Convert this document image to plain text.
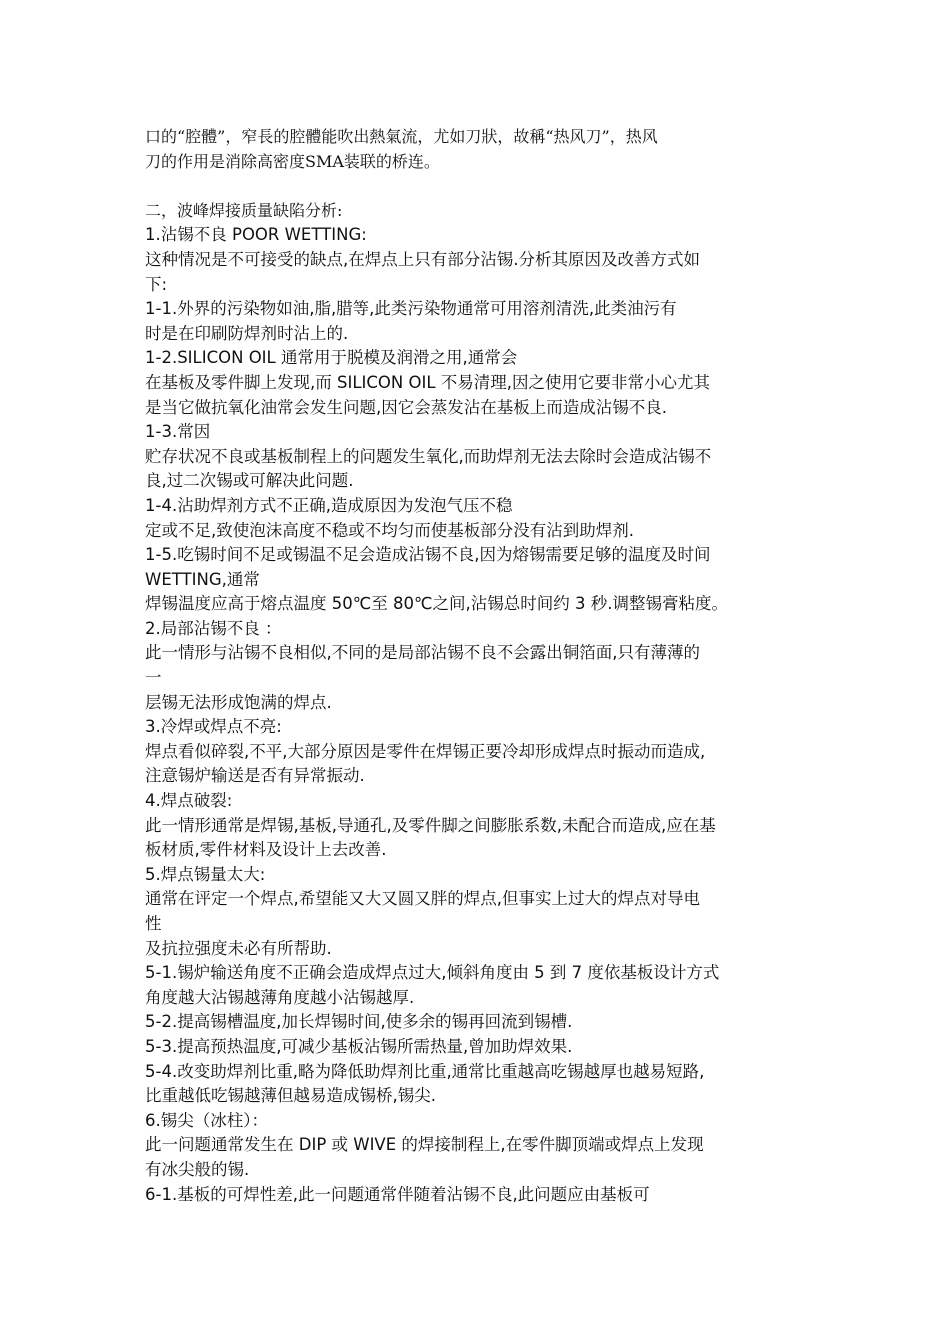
口的“腔體”，窄長的腔體能吹出熱氣流，尤如刀狀，故稱“热风刀”，热风
刀的作用是消除高密度SMA装联的桥连。
二，波峰焊接质量缺陷分析:
1.沾锡不良 POOR WETTING:
这种情况是不可接受的缺点,在焊点上只有部分沾锡.分析其原因及改善方式如
下:
1-1.外界的污染物如油,脂,腊等,此类污染物通常可用溶剂清洗,此类油污有
时是在印刷防焊剂时沾上的.
1-2.SILICON OIL 通常用于脱模及润滑之用,通常会
在基板及零件脚上发现,而 SILICON OIL 不易清理,因之使用它要非常小心尤其
是当它做抗氧化油常会发生问题,因它会蒸发沾在基板上而造成沾锡不良.
1-3.常因
贮存状况不良或基板制程上的问题发生氧化,而助焊剂无法去除时会造成沾锡不
良,过二次锡或可解决此问题.
1-4.沾助焊剂方式不正确,造成原因为发泡气压不稳
定或不足,致使泡沫高度不稳或不均匀而使基板部分没有沾到助焊剂.
1-5.吃锡时间不足或锡温不足会造成沾锡不良,因为熔锡需要足够的温度及时间
WETTING,通常
焊锡温度应高于熔点温度 50℃至 80℃之间,沾锡总时间约 3 秒.调整锡膏粘度。
2.局部沾锡不良 ：
此一情形与沾锡不良相似,不同的是局部沾锡不良不会露出铜箔面,只有薄薄的
一
层锡无法形成饱满的焊点.
3.冷焊或焊点不亮:
焊点看似碎裂,不平,大部分原因是零件在焊锡正要冷却形成焊点时振动而造成,
注意锡炉输送是否有异常振动.
4.焊点破裂:
此一情形通常是焊锡,基板,导通孔,及零件脚之间膨胀系数,未配合而造成,应在基
板材质,零件材料及设计上去改善.
5.焊点锡量太大:
通常在评定一个焊点,希望能又大又圆又胖的焊点,但事实上过大的焊点对导电
性
及抗拉强度未必有所帮助.
5-1.锡炉输送角度不正确会造成焊点过大,倾斜角度由 5 到 7 度依基板设计方式
角度越大沾锡越薄角度越小沾锡越厚.
5-2.提高锡槽温度,加长焊锡时间,使多余的锡再回流到锡槽.
5-3.提高预热温度,可减少基板沾锡所需热量,曾加助焊效果.
5-4.改变助焊剂比重,略为降低助焊剂比重,通常比重越高吃锡越厚也越易短路,
比重越低吃锡越薄但越易造成锡桥,锡尖.
6.锡尖（冰柱）：
此一问题通常发生在 DIP 或 WIVE 的焊接制程上,在零件脚顶端或焊点上发现
有冰尖般的锡.
6-1.基板的可焊性差,此一问题通常伴随着沾锡不良,此问题应由基板可
